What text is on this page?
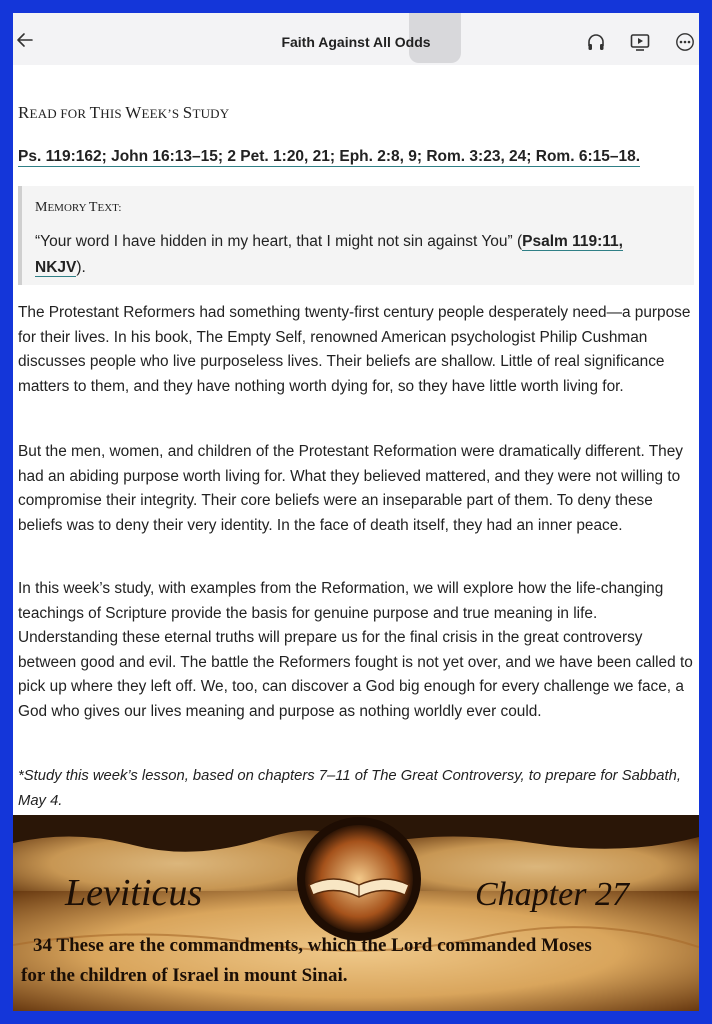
Faith Against All Odds
READ FOR THIS WEEK’S STUDY
Ps. 119:162; John 16:13–15; 2 Pet. 1:20, 21; Eph. 2:8, 9; Rom. 3:23, 24; Rom. 6:15–18.
MEMORY TEXT:
“Your word I have hidden in my heart, that I might not sin against You” (Psalm 119:11, NKJV).

The Protestant Reformers had something twenty-first century people desperately need—a purpose for their lives. In his book, The Empty Self, renowned American psychologist Philip Cushman discusses people who live purposeless lives. Their beliefs are shallow. Little of real significance matters to them, and they have nothing worth dying for, so they have little worth living for.

But the men, women, and children of the Protestant Reformation were dramatically different. They had an abiding purpose worth living for. What they believed mattered, and they were not willing to compromise their integrity. Their core beliefs were an inseparable part of them. To deny these beliefs was to deny their very identity. In the face of death itself, they had an inner peace.

In this week’s study, with examples from the Reformation, we will explore how the life-changing teachings of Scripture provide the basis for genuine purpose and true meaning in life. Understanding these eternal truths will prepare us for the final crisis in the great controversy between good and evil. The battle the Reformers fought is not yet over, and we have been called to pick up where they left off. We, too, can discover a God big enough for every challenge we face, a God who gives our lives meaning and purpose as nothing worldly ever could.

*Study this week’s lesson, based on chapters 7–11 of The Great Controversy, to prepare for Sabbath, May 4.

Leviticus	Chapter 27
34 These are the commandments, which the Lord commanded Moses
for the children of Israel in mount Sinai.
